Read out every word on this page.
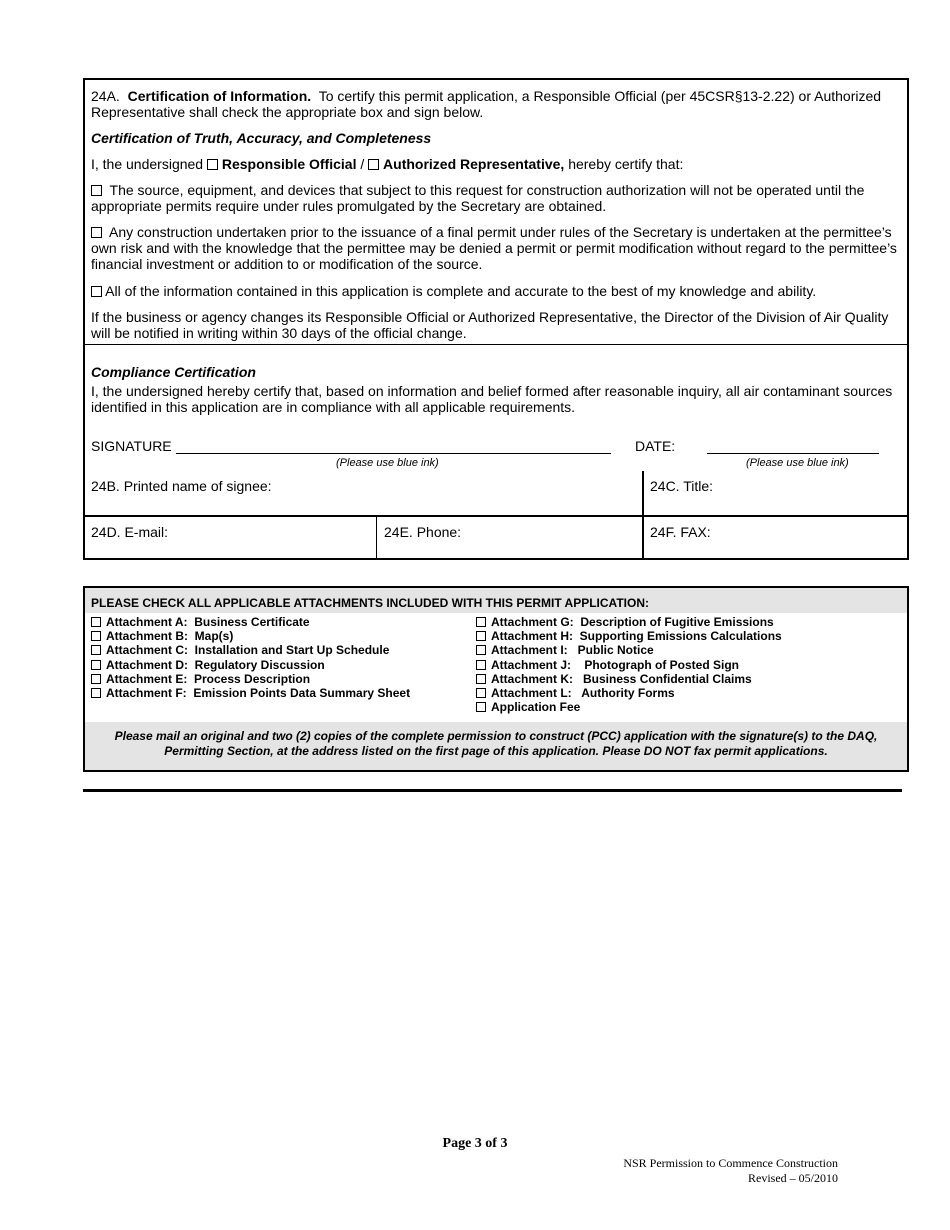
24A. Certification of Information. To certify this permit application, a Responsible Official (per 45CSR§13-2.22) or Authorized Representative shall check the appropriate box and sign below.
Certification of Truth, Accuracy, and Completeness
I, the undersigned Responsible Official / Authorized Representative, hereby certify that:
The source, equipment, and devices that subject to this request for construction authorization will not be operated until the appropriate permits require under rules promulgated by the Secretary are obtained.
Any construction undertaken prior to the issuance of a final permit under rules of the Secretary is undertaken at the permittee’s own risk and with the knowledge that the permittee may be denied a permit or permit modification without regard to the permittee’s financial investment or addition to or modification of the source.
All of the information contained in this application is complete and accurate to the best of my knowledge and ability.
If the business or agency changes its Responsible Official or Authorized Representative, the Director of the Division of Air Quality will be notified in writing within 30 days of the official change.
Compliance Certification
I, the undersigned hereby certify that, based on information and belief formed after reasonable inquiry, all air contaminant sources identified in this application are in compliance with all applicable requirements.
SIGNATURE	DATE:
(Please use blue ink)	(Please use blue ink)
24B. Printed name of signee:	24C. Title:
24D. E-mail:	24E. Phone:	24F. FAX:
PLEASE CHECK ALL APPLICABLE ATTACHMENTS INCLUDED WITH THIS PERMIT APPLICATION:
Attachment A:  Business Certificate
Attachment B:  Map(s)
Attachment C:  Installation and Start Up Schedule
Attachment D:  Regulatory Discussion
Attachment E:  Process Description
Attachment F:  Emission Points Data Summary Sheet
Attachment G:  Description of Fugitive Emissions
Attachment H:  Supporting Emissions Calculations
Attachment I:   Public Notice
Attachment J:    Photograph of Posted Sign
Attachment K:   Business Confidential Claims
Attachment L:   Authority Forms
Application Fee
Please mail an original and two (2) copies of the complete permission to construct (PCC) application with the signature(s) to the DAQ, Permitting Section, at the address listed on the first page of this application. Please DO NOT fax permit applications.
Page 3 of 3
NSR Permission to Commence Construction
Revised – 05/2010
